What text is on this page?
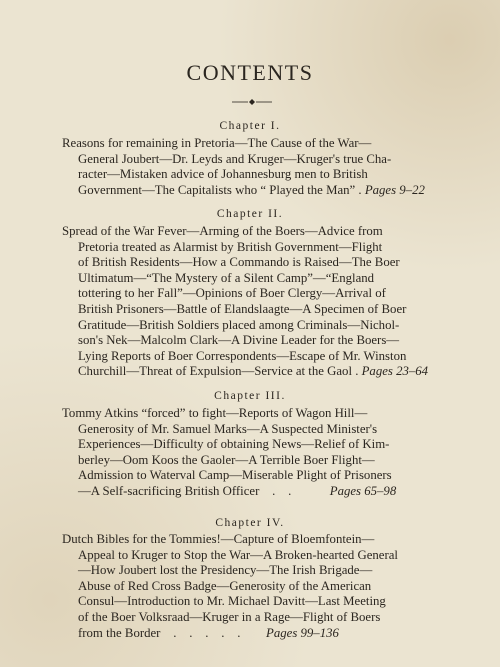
CONTENTS
Chapter I.
Reasons for remaining in Pretoria—The Cause of the War—
General Joubert—Dr. Leyds and Kruger—Kruger's true Cha-
racter—Mistaken advice of Johannesburg men to British
Government—The Capitalists who “ Played the Man” . Pages 9–22
Chapter II.
Spread of the War Fever—Arming of the Boers—Advice from
Pretoria treated as Alarmist by British Government—Flight
of British Residents—How a Commando is Raised—The Boer
Ultimatum—“The Mystery of a Silent Camp”—“England
tottering to her Fall”—Opinions of Boer Clergy—Arrival of
British Prisoners—Battle of Elandslaagte—A Specimen of Boer
Gratitude—British Soldiers placed among Criminals—Nichol-
son's Nek—Malcolm Clark—A Divine Leader for the Boers—
Lying Reports of Boer Correspondents—Escape of Mr. Winston
Churchill—Threat of Expulsion—Service at the Gaol . Pages 23–64
Chapter III.
Tommy Atkins “forced” to fight—Reports of Wagon Hill—
Generosity of Mr. Samuel Marks—A Suspected Minister's
Experiences—Difficulty of obtaining News—Relief of Kim-
berley—Oom Koos the Gaoler—A Terrible Boer Flight—
Admission to Waterval Camp—Miserable Plight of Prisoners
—A Self-sacrificing British Officer    .    .	Pages 65–98
Chapter IV.
Dutch Bibles for the Tommies!—Capture of Bloemfontein—
Appeal to Kruger to Stop the War—A Broken-hearted General
—How Joubert lost the Presidency—The Irish Brigade—
Abuse of Red Cross Badge—Generosity of the American
Consul—Introduction to Mr. Michael Davitt—Last Meeting
of the Boer Volksraad—Kruger in a Rage—Flight of Boers
from the Border    .    .    .    .    . Pages 99–136
